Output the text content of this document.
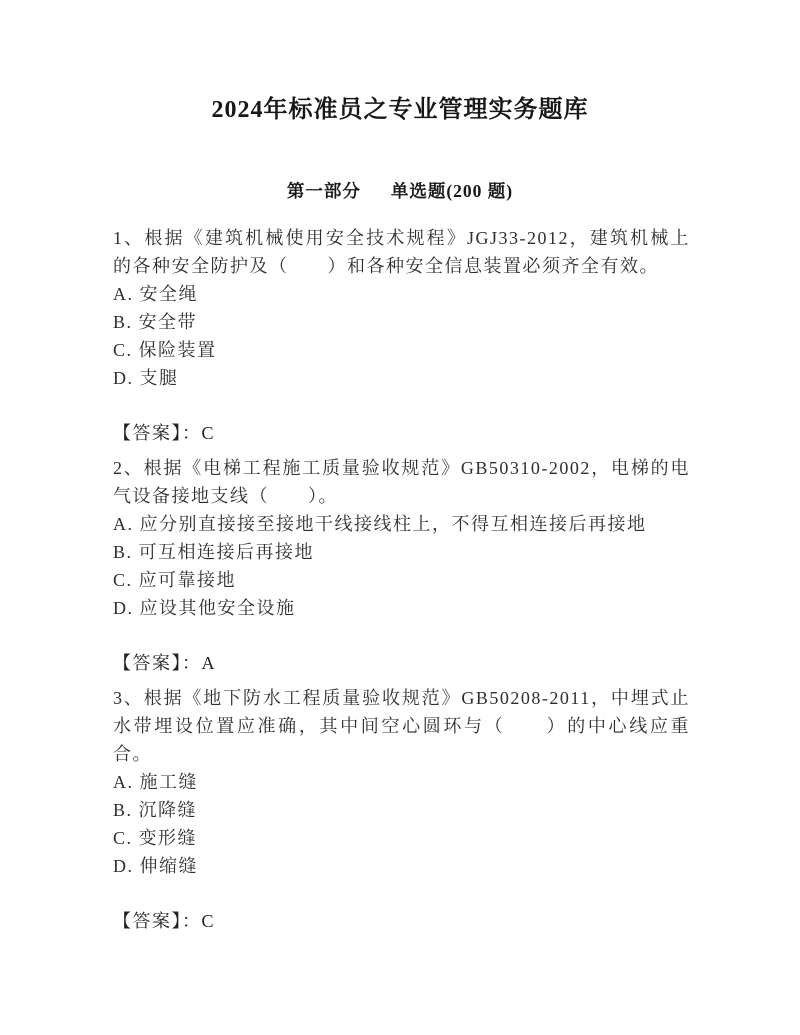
2024年标准员之专业管理实务题库
第一部分 单选题(200 题)

1、根据《建筑机械使用安全技术规程》JGJ33-2012，建筑机械上的各种安全防护及（　　）和各种安全信息装置必须齐全有效。

A. 安全绳
B. 安全带
C. 保险装置
D. 支腿

【答案】：C

2、根据《电梯工程施工质量验收规范》GB50310-2002，电梯的电气设备接地支线（　　）。

A. 应分别直接接至接地干线接线柱上，不得互相连接后再接地
B. 可互相连接后再接地
C. 应可靠接地
D. 应设其他安全设施

【答案】：A

3、根据《地下防水工程质量验收规范》GB50208-2011，中埋式止水带埋设位置应准确，其中间空心圆环与（　　）的中心线应重合。

A. 施工缝
B. 沉降缝
C. 变形缝
D. 伸缩缝

【答案】：C
